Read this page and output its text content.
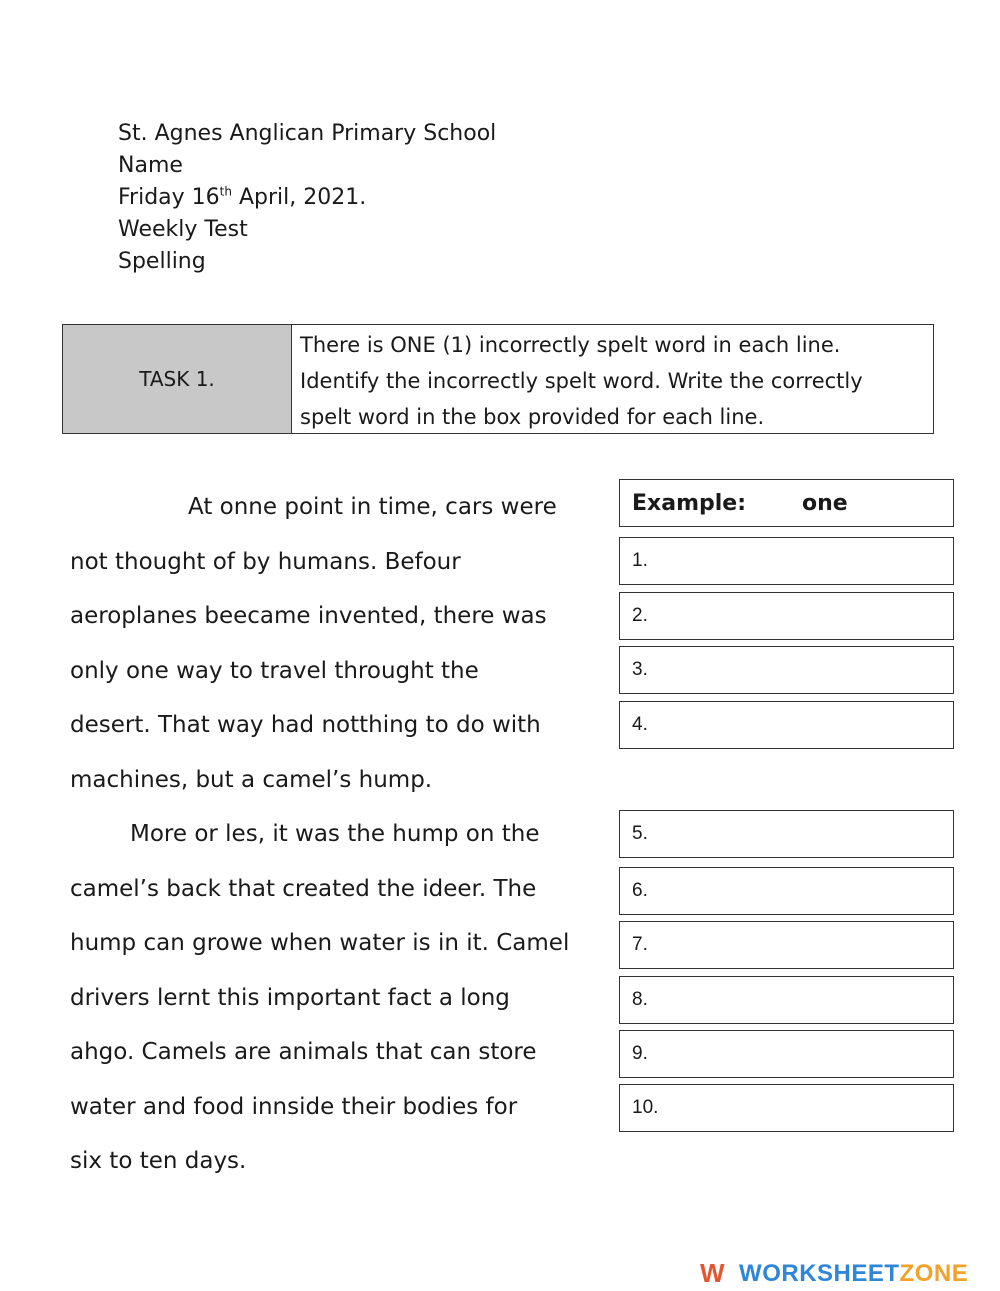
St. Agnes Anglican Primary School
Name
Friday 16th April, 2021.
Weekly Test
Spelling
TASK 1.
There is ONE (1) incorrectly spelt word in each line.
Identify the incorrectly spelt word. Write the correctly
spelt word in the box provided for each line.
At onne point in time, cars were
not thought of by humans. Befour
aeroplanes beecame invented, there was
only one way to travel throught the
desert. That way had notthing to do with
machines, but a camel’s hump.
More or les, it was the hump on the
camel’s back that created the ideer. The
hump can growe when water is in it. Camel
drivers lernt this important fact a long
ahgo. Camels are animals that can store
water and food innside their bodies for
six to ten days.
Example:	one
1.
2.
3.
4.
5.
6.
7.
8.
9.
10.
W WORKSHEET ZONE
